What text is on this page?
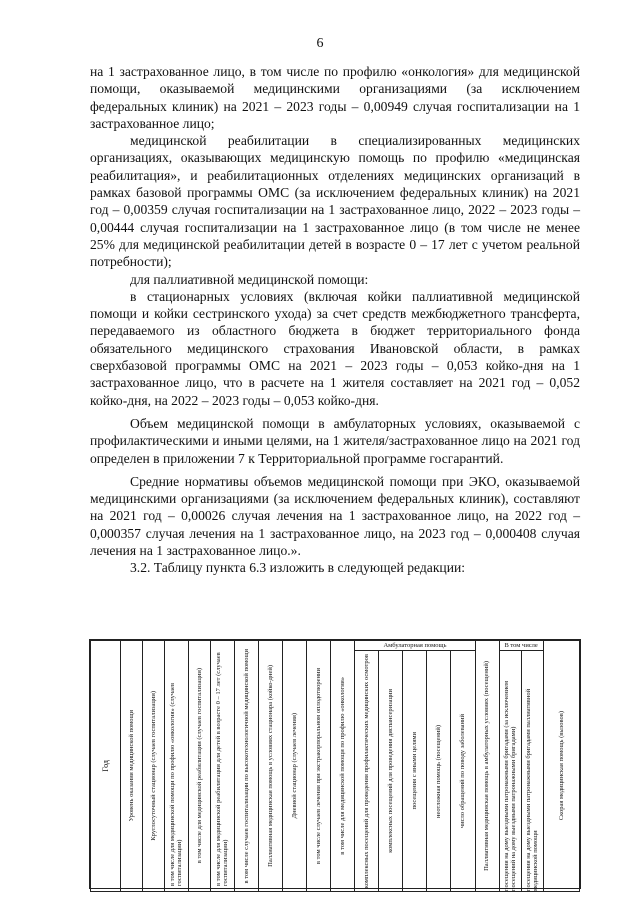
6

на 1 застрахованное лицо, в том числе по профилю «онкология» для медицинской помощи, оказываемой медицинскими организациями (за исключением федеральных клиник) на 2021 – 2023 годы – 0,00949 случая госпитализации на 1 застрахованное лицо;

медицинской реабилитации в специализированных медицинских организациях, оказывающих медицинскую помощь по профилю «медицинская реабилитация», и реабилитационных отделениях медицинских организаций в рамках базовой программы ОМС (за исключением федеральных клиник) на 2021 год – 0,00359 случая госпитализации на 1 застрахованное лицо, 2022 – 2023 годы – 0,00444 случая госпитализации на 1 застрахованное лицо (в том числе не менее 25% для медицинской реабилитации детей в возрасте 0 – 17 лет с учетом реальной потребности);

для паллиативной медицинской помощи:

в стационарных условиях (включая койки паллиативной медицинской помощи и койки сестринского ухода) за счет средств межбюджетного трансферта, передаваемого из областного бюджета в бюджет территориального фонда обязательного медицинского страхования Ивановской области, в рамках сверхбазовой программы ОМС на 2021 – 2023 годы – 0,053 койко-дня на 1 застрахованное лицо, что в расчете на 1 жителя составляет на 2021 год – 0,052 койко-дня, на 2022 – 2023 годы – 0,053 койко-дня.

Объем медицинской помощи в амбулаторных условиях, оказываемой с профилактическими и иными целями, на 1 жителя/застрахованное лицо на 2021 год определен в приложении 7 к Территориальной программе госгарантий.

Средние нормативы объемов медицинской помощи при ЭКО, оказываемой медицинскими организациями (за исключением федеральных клиник), составляют на 2021 год – 0,00026 случая лечения на 1 застрахованное лицо, на 2022 год – 0,000357 случая лечения на 1 застрахованное лицо, на 2023 год – 0,000408 случая лечения на 1 застрахованное лицо.».

3.2. Таблицу пункта 6.3 изложить в следующей редакции:

Год	Уровень оказания медицинской помощи	Круглосуточный стационар (случаев госпитализации)	в том числе для медицинской помощи по профилю «онкология» (случаев госпитализации)	в том числе для медицинской реабилитации (случаев госпитализации)	в том числе для медицинской реабилитации для детей в возрасте 0 – 17 лет (случаев госпитализации)	в том числе случаев госпитализации по высокотехнологичной медицинской помощи	Паллиативная медицинская помощь в условиях стационара (койко-дней)	Дневной стационар (случаев лечения)	в том числе случаев лечения при экстракорпоральном оплодотворении	в том числе для медицинской помощи по профилю «онкология»	Амбулаторная помощь					Паллиативная медицинская помощь в амбулаторных условиях (посещений)	В том числе		Скорая медицинская помощь (вызовов)

											комплексных посещений для проведения профилактических медицинских осмотров	комплексных посещений для проведения диспансеризации	посещения с иными целями	неотложная помощь (посещений)	число обращений по поводу заболеваний		посещения на дому выездными патронажными бригадами (за исключением посещений на дому выездными патронажными бригадами)	посещения на дому выездными патронажными бригадами паллиативной медицинской помощи	
